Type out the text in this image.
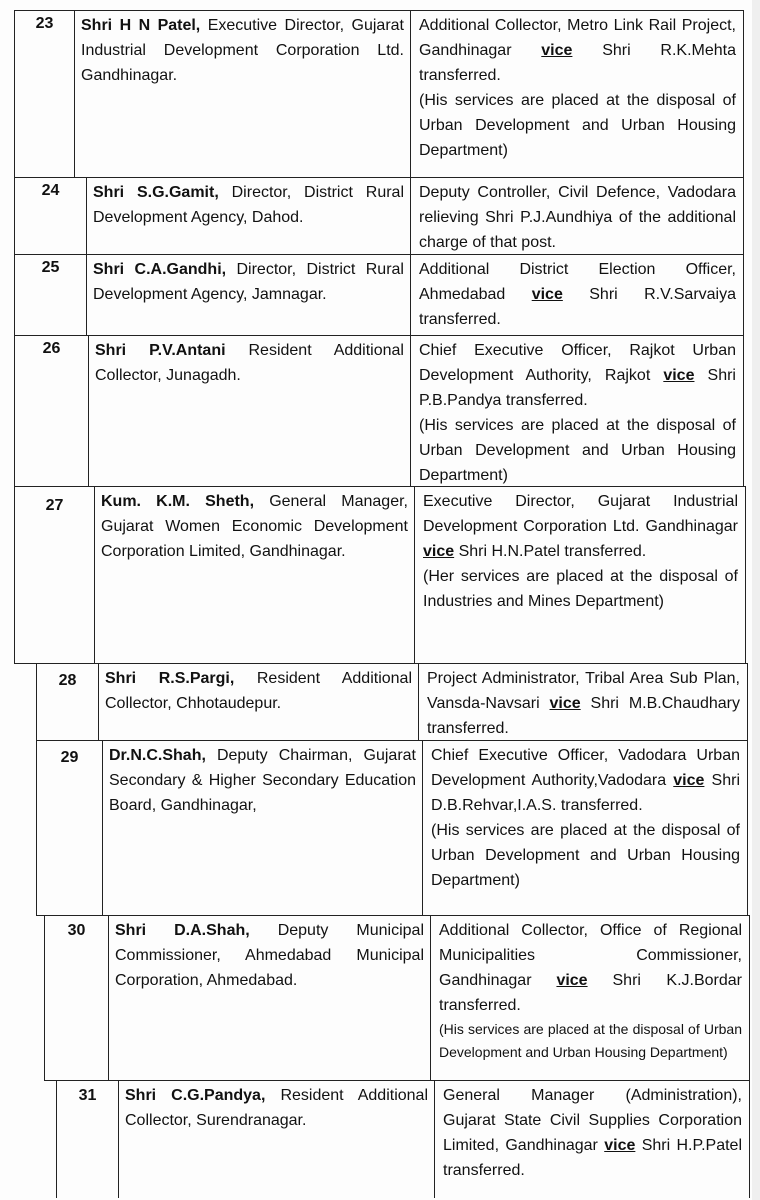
23	Shri H N Patel, Executive Director, Gujarat Industrial Development Corporation Ltd. Gandhinagar.
Additional Collector, Metro Link Rail Project, Gandhinagar vice Shri R.K.Mehta transferred.
(His services are placed at the disposal of Urban Development and Urban Housing Department)
24	Shri S.G.Gamit, Director, District Rural Development Agency, Dahod.
Deputy Controller, Civil Defence, Vadodara relieving Shri P.J.Aundhiya of the additional charge of that post.
25	Shri C.A.Gandhi, Director, District Rural Development Agency, Jamnagar.
Additional District Election Officer, Ahmedabad vice Shri R.V.Sarvaiya transferred.
26	Shri P.V.Antani Resident Additional Collector, Junagadh.
Chief Executive Officer, Rajkot Urban Development Authority, Rajkot vice Shri P.B.Pandya transferred.
(His services are placed at the disposal of Urban Development and Urban Housing Department)
27	Kum. K.M. Sheth, General Manager, Gujarat Women Economic Development Corporation Limited, Gandhinagar.
Executive Director, Gujarat Industrial Development Corporation Ltd. Gandhinagar vice Shri H.N.Patel transferred.
(Her services are placed at the disposal of Industries and Mines Department)
28	Shri R.S.Pargi, Resident Additional Collector, Chhotaudepur.
Project Administrator, Tribal Area Sub Plan, Vansda-Navsari vice Shri M.B.Chaudhary transferred.
29	Dr.N.C.Shah, Deputy Chairman, Gujarat Secondary & Higher Secondary Education Board, Gandhinagar,
Chief Executive Officer, Vadodara Urban Development Authority,Vadodara vice Shri D.B.Rehvar,I.A.S. transferred.
(His services are placed at the disposal of Urban Development and Urban Housing Department)
30	Shri D.A.Shah, Deputy Municipal Commissioner, Ahmedabad Municipal Corporation, Ahmedabad.
Additional Collector, Office of Regional Municipalities Commissioner, Gandhinagar vice Shri K.J.Bordar transferred.
(His services are placed at the disposal of Urban Development and Urban Housing Department)
31	Shri C.G.Pandya, Resident Additional Collector, Surendranagar.
General Manager (Administration), Gujarat State Civil Supplies Corporation Limited, Gandhinagar vice Shri H.P.Patel transferred.
